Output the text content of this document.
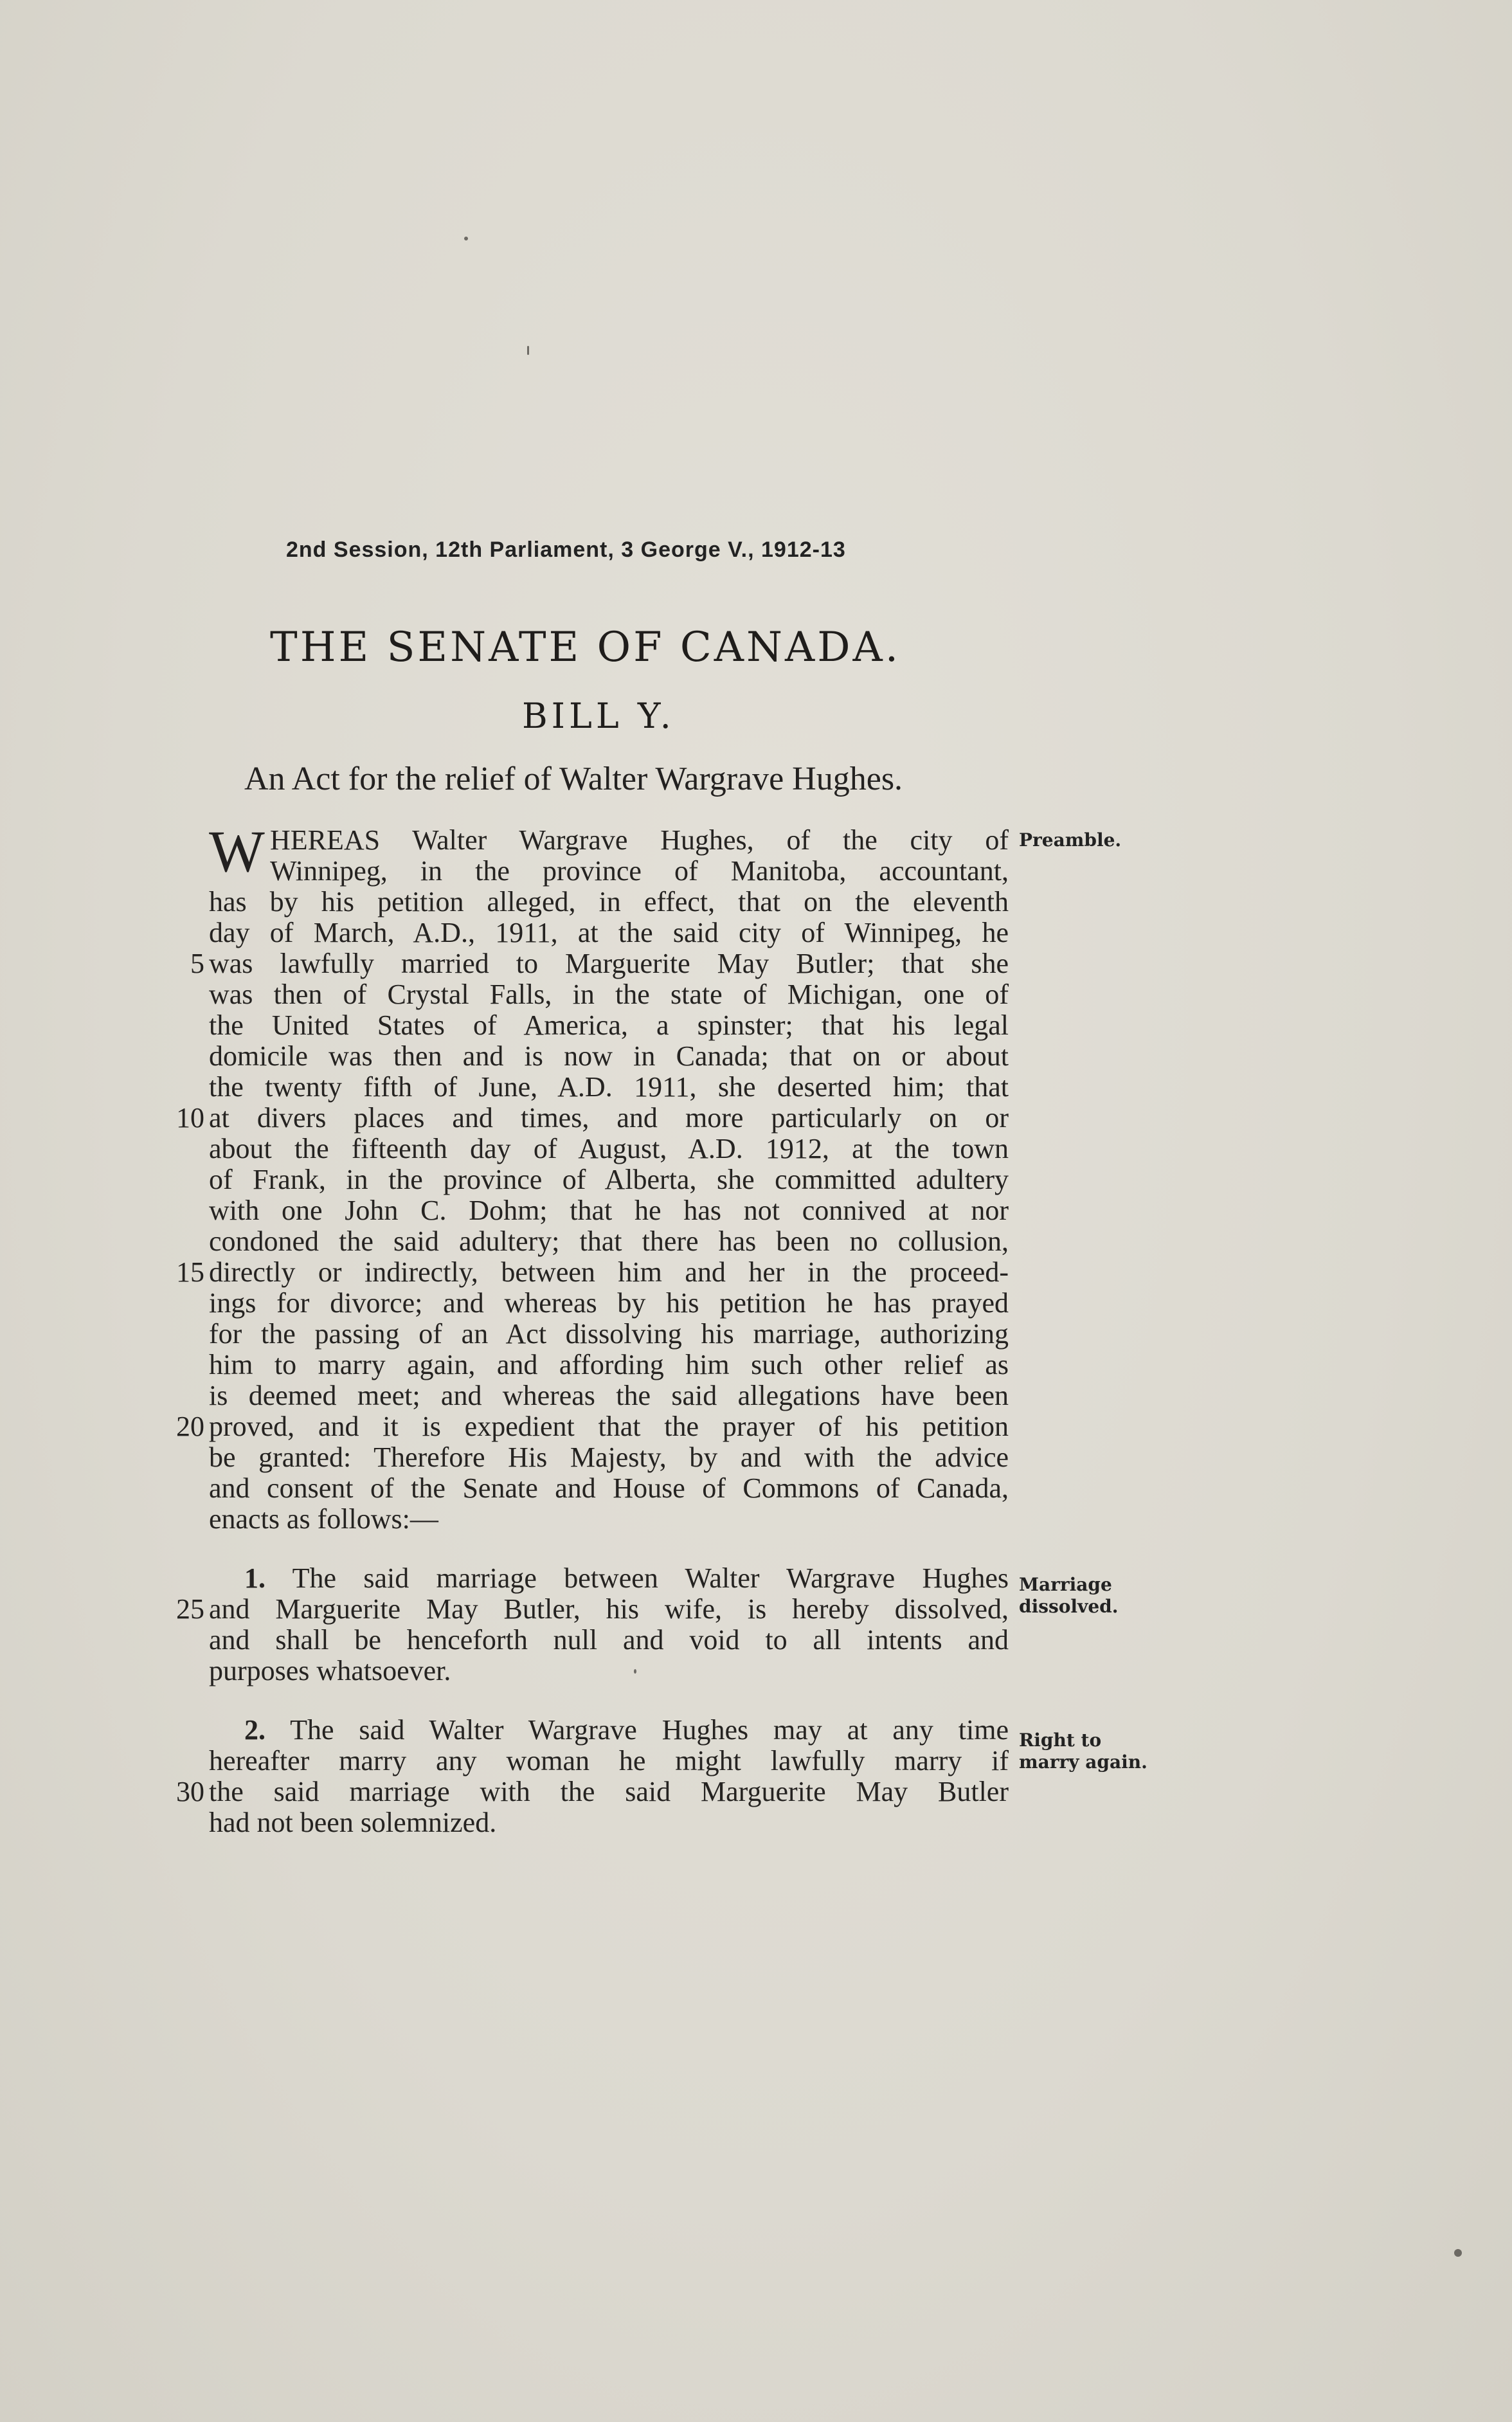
2nd Session, 12th Parliament, 3 George V., 1912-13
THE SENATE OF CANADA.
BILL Y.
An Act for the relief of Walter Wargrave Hughes.
W HEREAS Walter Wargrave Hughes, of the city of
Winnipeg, in the province of Manitoba, accountant,
has by his petition alleged, in effect, that on the eleventh
day of March, A.D., 1911, at the said city of Winnipeg, he
was lawfully married to Marguerite May Butler; that she
was then of Crystal Falls, in the state of Michigan, one of
the United States of America, a spinster; that his legal
domicile was then and is now in Canada; that on or about
the twenty fifth of June, A.D. 1911, she deserted him; that
at divers places and times, and more particularly on or
about the fifteenth day of August, A.D. 1912, at the town
of Frank, in the province of Alberta, she committed adultery
with one John C. Dohm; that he has not connived at nor
condoned the said adultery; that there has been no collusion,
directly or indirectly, between him and her in the proceed-
ings for divorce; and whereas by his petition he has prayed
for the passing of an Act dissolving his marriage, authorizing
him to marry again, and affording him such other relief as
is deemed meet; and whereas the said allegations have been
proved, and it is expedient that the prayer of his petition
be granted: Therefore His Majesty, by and with the advice
and consent of the Senate and House of Commons of Canada,
enacts as follows:—
Preamble.
1. The said marriage between Walter Wargrave Hughes
and Marguerite May Butler, his wife, is hereby dissolved,
and shall be henceforth null and void to all intents and
purposes whatsoever.
Marriage
dissolved.
2. The said Walter Wargrave Hughes may at any time
hereafter marry any woman he might lawfully marry if
the said marriage with the said Marguerite May Butler
had not been solemnized.
Right to
marry again.
5
10
15
20
25
30
